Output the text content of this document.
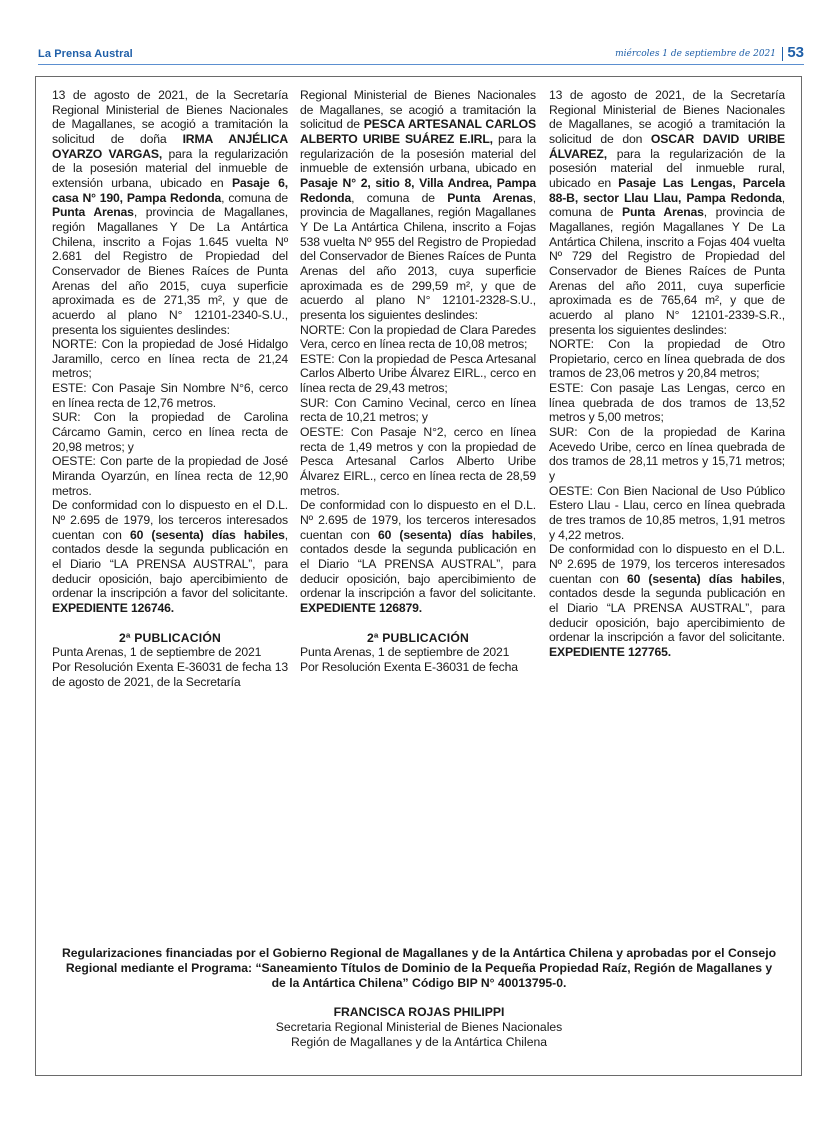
La Prensa Austral	miércoles 1 de septiembre de 2021 53

13 de agosto de 2021, de la Secretaría Regional Ministerial de Bienes Nacionales de Magallanes, se acogió a tramitación la solicitud de doña IRMA ANJÉLICA OYARZO VARGAS, para la regularización de la posesión material del inmueble de extensión urbana, ubicado en Pasaje 6, casa N° 190, Pampa Redonda, comuna de Punta Arenas, provincia de Magallanes, región Magallanes Y De La Antártica Chilena, inscrito a Fojas 1.645 vuelta Nº 2.681 del Registro de Propiedad del Conservador de Bienes Raíces de Punta Arenas del año 2015, cuya superficie aproximada es de 271,35 m², y que de acuerdo al plano N° 12101-2340-S.U., presenta los siguientes deslindes:

NORTE: Con la propiedad de José Hidalgo Jaramillo, cerco en línea recta de 21,24 metros;

ESTE: Con Pasaje Sin Nombre N°6, cerco en línea recta de 12,76 metros.

SUR: Con la propiedad de Carolina Cárcamo Gamin, cerco en línea recta de 20,98 metros; y

OESTE: Con parte de la propiedad de José Miranda Oyarzún, en línea recta de 12,90 metros.

De conformidad con lo dispuesto en el D.L. Nº 2.695 de 1979, los terceros interesados cuentan con 60 (sesenta) días habiles, contados desde la segunda publicación en el Diario “LA PRENSA AUSTRAL”, para deducir oposición, bajo apercibimiento de ordenar la inscripción a favor del solicitante. EXPEDIENTE 126746.

2ª PUBLICACIÓN

Punta Arenas, 1 de septiembre de 2021

Por Resolución Exenta E-36031 de fecha 13 de agosto de 2021, de la Secretaría

Regional Ministerial de Bienes Nacionales de Magallanes, se acogió a tramitación la solicitud de PESCA ARTESANAL CARLOS ALBERTO URIBE SUÁREZ E.IRL, para la regularización de la posesión material del inmueble de extensión urbana, ubicado en Pasaje N° 2, sitio 8, Villa Andrea, Pampa Redonda, comuna de Punta Arenas, provincia de Magallanes, región Magallanes Y De La Antártica Chilena, inscrito a Fojas 538 vuelta Nº 955 del Registro de Propiedad del Conservador de Bienes Raíces de Punta Arenas del año 2013, cuya superficie aproximada es de 299,59 m², y que de acuerdo al plano N° 12101-2328-S.U., presenta los siguientes deslindes:

NORTE: Con la propiedad de Clara Paredes Vera, cerco en línea recta de 10,08 metros;

ESTE: Con la propiedad de Pesca Artesanal Carlos Alberto Uribe Álvarez EIRL., cerco en línea recta de 29,43 metros;

SUR: Con Camino Vecinal, cerco en línea recta de 10,21 metros; y

OESTE: Con Pasaje N°2, cerco en línea recta de 1,49 metros y con la propiedad de Pesca Artesanal Carlos Alberto Uribe Álvarez EIRL., cerco en línea recta de 28,59 metros.

De conformidad con lo dispuesto en el D.L. Nº 2.695 de 1979, los terceros interesados cuentan con 60 (sesenta) días habiles, contados desde la segunda publicación en el Diario “LA PRENSA AUSTRAL”, para deducir oposición, bajo apercibimiento de ordenar la inscripción a favor del solicitante. EXPEDIENTE 126879.

2ª PUBLICACIÓN

Punta Arenas, 1 de septiembre de 2021

Por Resolución Exenta E-36031 de fecha

13 de agosto de 2021, de la Secretaría Regional Ministerial de Bienes Nacionales de Magallanes, se acogió a tramitación la solicitud de don OSCAR DAVID URIBE ÁLVAREZ, para la regularización de la posesión material del inmueble rural, ubicado en Pasaje Las Lengas, Parcela 88-B, sector Llau Llau, Pampa Redonda, comuna de Punta Arenas, provincia de Magallanes, región Magallanes Y De La Antártica Chilena, inscrito a Fojas 404 vuelta Nº 729 del Registro de Propiedad del Conservador de Bienes Raíces de Punta Arenas del año 2011, cuya superficie aproximada es de 765,64 m², y que de acuerdo al plano N° 12101-2339-S.R., presenta los siguientes deslindes:

NORTE: Con la propiedad de Otro Propietario, cerco en línea quebrada de dos tramos de 23,06 metros y 20,84 metros;

ESTE: Con pasaje Las Lengas, cerco en línea quebrada de dos tramos de 13,52 metros y 5,00 metros;

SUR: Con de la propiedad de Karina Acevedo Uribe, cerco en línea quebrada de dos tramos de 28,11 metros y 15,71 metros; y

OESTE: Con Bien Nacional de Uso Público Estero Llau - Llau, cerco en línea quebrada de tres tramos de 10,85 metros, 1,91 metros y 4,22 metros.

De conformidad con lo dispuesto en el D.L. Nº 2.695 de 1979, los terceros interesados cuentan con 60 (sesenta) días habiles, contados desde la segunda publicación en el Diario “LA PRENSA AUSTRAL”, para deducir oposición, bajo apercibimiento de ordenar la inscripción a favor del solicitante. EXPEDIENTE 127765.

Regularizaciones financiadas por el Gobierno Regional de Magallanes y de la Antártica Chilena y aprobadas por el Consejo Regional mediante el Programa: “Saneamiento Títulos de Dominio de la Pequeña Propiedad Raíz, Región de Magallanes y de la Antártica Chilena” Código BIP N° 40013795-0.

FRANCISCA ROJAS PHILIPPI

Secretaria Regional Ministerial de Bienes Nacionales

Región de Magallanes y de la Antártica Chilena
